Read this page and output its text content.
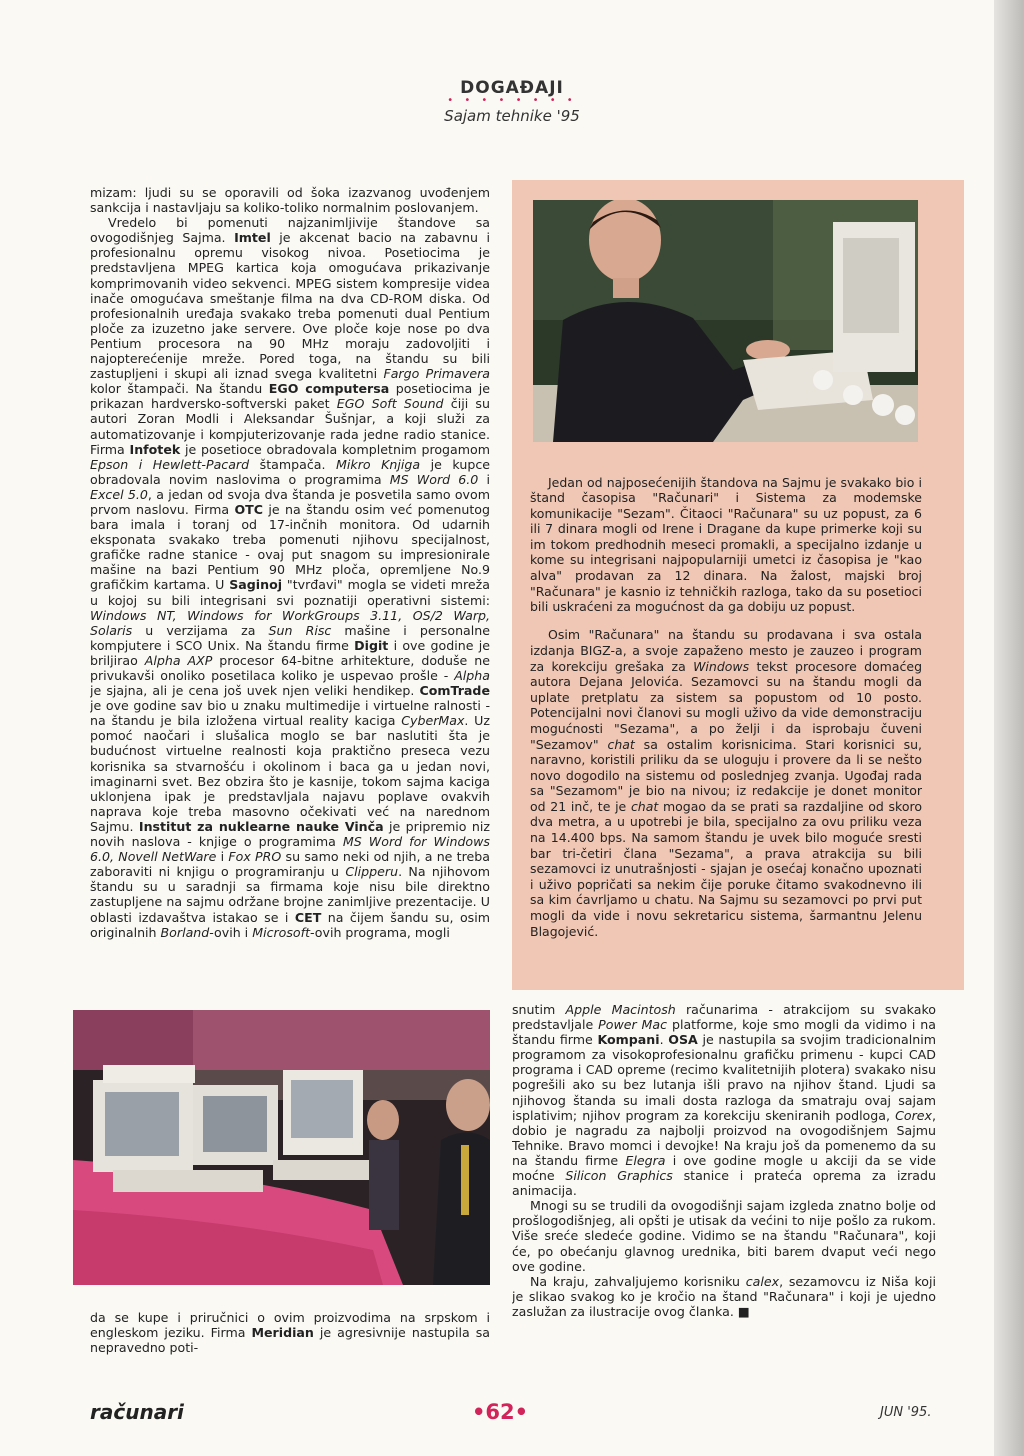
DOGAĐAJI
• • • • • • • •
Sajam tehnike '95

mizam: ljudi su se oporavili od šoka izazvanog uvođenjem sankcija i nastavljaju sa koliko-toliko normalnim poslovanjem.

Vredelo bi pomenuti najzanimljivije štandove sa ovogodišnjeg Sajma. Imtel je akcenat bacio na zabavnu i profesionalnu opremu visokog nivoa. Posetiocima je predstavljena MPEG kartica koja omogućava prikazivanje komprimovanih video sekvenci. MPEG sistem kompresije videa inače omogućava smeštanje filma na dva CD-ROM diska. Od profesionalnih uređaja svakako treba pomenuti dual Pentium ploče za izuzetno jake servere. Ove ploče koje nose po dva Pentium procesora na 90 MHz moraju zadovoljiti i najopterećenije mreže. Pored toga, na štandu su bili zastupljeni i skupi ali iznad svega kvalitetni Fargo Primavera kolor štampači. Na štandu EGO computersa posetiocima je prikazan hardversko-softverski paket EGO Soft Sound čiji su autori Zoran Modli i Aleksandar Šušnjar, a koji služi za automatizovanje i kompjuterizovanje rada jedne radio stanice. Firma Infotek je posetioce obradovala kompletnim progamom Epson i Hewlett-Pacard štampača. Mikro Knjiga je kupce obradovala novim naslovima o programima MS Word 6.0 i Excel 5.0, a jedan od svoja dva štanda je posvetila samo ovom prvom naslovu. Firma OTC je na štandu osim već pomenutog bara imala i toranj od 17-inčnih monitora. Od udarnih eksponata svakako treba pomenuti njihovu specijalnost, grafičke radne stanice - ovaj put snagom su impresionirale mašine na bazi Pentium 90 MHz ploča, opremljene No.9 grafičkim kartama. U Saginoj "tvrđavi" mogla se videti mreža u kojoj su bili integrisani svi poznatiji operativni sistemi: Windows NT, Windows for WorkGroups 3.11, OS/2 Warp, Solaris u verzijama za Sun Risc mašine i personalne kompjutere i SCO Unix. Na štandu firme Digit i ove godine je briljirao Alpha AXP procesor 64-bitne arhitekture, doduše ne privukavši onoliko posetilaca koliko je uspevao prošle - Alpha je sjajna, ali je cena još uvek njen veliki hendikep. ComTrade je ove godine sav bio u znaku multimedije i virtuelne ralnosti - na štandu je bila izložena virtual reality kaciga CyberMax. Uz pomoć naočari i slušalica moglo se bar naslutiti šta je budućnost virtuelne realnosti koja praktično preseca vezu korisnika sa stvarnošću i okolinom i baca ga u jedan novi, imaginarni svet. Bez obzira što je kasnije, tokom sajma kaciga uklonjena ipak je predstavljala najavu poplave ovakvih naprava koje treba masovno očekivati već na narednom Sajmu. Institut za nuklearne nauke Vinča je pripremio niz novih naslova - knjige o programima MS Word for Windows 6.0, Novell NetWare i Fox PRO su samo neki od njih, a ne treba zaboraviti ni knjigu o programiranju u Clipperu. Na njihovom štandu su u saradnji sa firmama koje nisu bile direktno zastupljene na sajmu održane brojne zanimljive prezentacije. U oblasti izdavaštva istakao se i CET na čijem šandu su, osim originalnih Borland-ovih i Microsoft-ovih programa, mogli

Jedan od najposećenijih štandova na Sajmu je svakako bio i štand časopisa "Računari" i Sistema za modemske komunikacije "Sezam". Čitaoci "Računara" su uz popust, za 6 ili 7 dinara mogli od Irene i Dragane da kupe primerke koji su im tokom predhodnih meseci promakli, a specijalno izdanje u kome su integrisani najpopularniji umetci iz časopisa je "kao alva" prodavan za 12 dinara. Na žalost, majski broj "Računara" je kasnio iz tehničkih razloga, tako da su posetioci bili uskraćeni za mogućnost da ga dobiju uz popust.

Osim "Računara" na štandu su prodavana i sva ostala izdanja BIGZ-a, a svoje zapaženo mesto je zauzeo i program za korekciju grešaka za Windows tekst procesore domaćeg autora Dejana Jelovića. Sezamovci su na štandu mogli da uplate pretplatu za sistem sa popustom od 10 posto. Potencijalni novi članovi su mogli uživo da vide demonstraciju mogućnosti "Sezama", a po želji i da isprobaju čuveni "Sezamov" chat sa ostalim korisnicima. Stari korisnici su, naravno, koristili priliku da se uloguju i provere da li se nešto novo dogodilo na sistemu od poslednjeg zvanja. Ugođaj rada sa "Sezamom" je bio na nivou; iz redakcije je donet monitor od 21 inč, te je chat mogao da se prati sa razdaljine od skoro dva metra, a u upotrebi je bila, specijalno za ovu priliku veza na 14.400 bps. Na samom štandu je uvek bilo moguće sresti bar tri-četiri člana "Sezama", a prava atrakcija su bili sezamovci iz unutrašnjosti - sjajan je osećaj konačno upoznati i uživo popričati sa nekim čije poruke čitamo svakodnevno ili sa kim ćavrljamo u chatu. Na Sajmu su sezamovci po prvi put mogli da vide i novu sekretaricu sistema, šarmantnu Jelenu Blagojević.

da se kupe i priručnici o ovim proizvodima na srpskom i engleskom jeziku. Firma Meridian je agresivnije nastupila sa nepravedno poti-

snutim Apple Macintosh računarima - atrakcijom su svakako predstavljale Power Mac platforme, koje smo mogli da vidimo i na štandu firme Kompani. OSA je nastupila sa svojim tradicionalnim programom za visokoprofesionalnu grafičku primenu - kupci CAD programa i CAD opreme (recimo kvalitetnijih plotera) svakako nisu pogrešili ako su bez lutanja išli pravo na njihov štand. Ljudi sa njihovog štanda su imali dosta razloga da smatraju ovaj sajam isplativim; njihov program za korekciju skeniranih podloga, Corex, dobio je nagradu za najbolji proizvod na ovogodišnjem Sajmu Tehnike. Bravo momci i devojke! Na kraju još da pomenemo da su na štandu firme Elegra i ove godine mogle u akciji da se vide moćne Silicon Graphics stanice i prateća oprema za izradu animacija.

Mnogi su se trudili da ovogodišnji sajam izgleda znatno bolje od prošlogodišnjeg, ali opšti je utisak da većini to nije pošlo za rukom. Više sreće sledeće godine. Vidimo se na štandu "Računara", koji će, po obećanju glavnog urednika, biti barem dvaput veći nego ove godine.

Na kraju, zahvaljujemo korisniku calex, sezamovcu iz Niša koji je slikao svakog ko je kročio na štand "Računara" i koji je ujedno zaslužan za ilustracije ovog članka. ■

računari	•62•	JUN '95.
